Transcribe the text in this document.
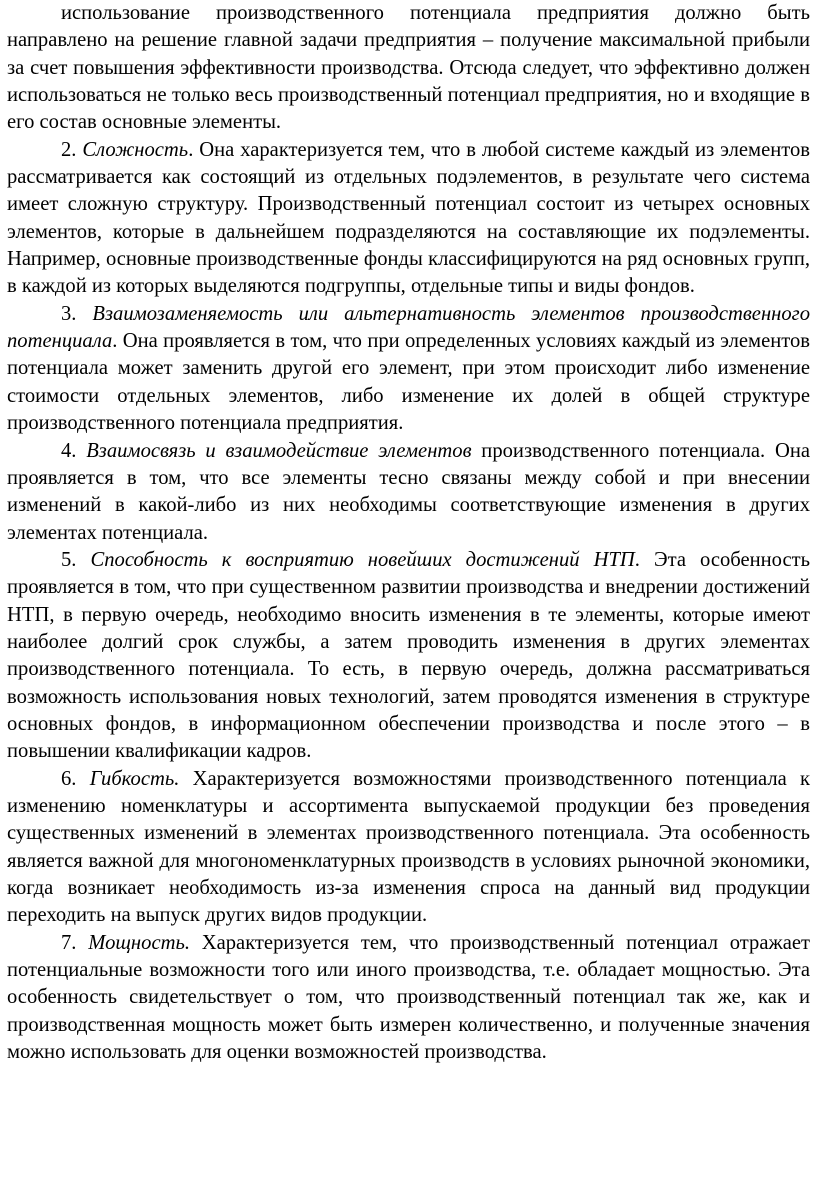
использование производственного потенциала предприятия должно быть направлено на решение главной задачи предприятия – получение максимальной прибыли за счет повышения эффективности производства. Отсюда следует, что эффективно должен использоваться не только весь производственный потенциал предприятия, но и входящие в его состав основные элементы.

2. Сложность. Она характеризуется тем, что в любой системе каждый из элементов рассматривается как состоящий из отдельных подэлементов, в результате чего система имеет сложную структуру. Производственный потенциал состоит из четырех основных элементов, которые в дальнейшем подразделяются на составляющие их подэлементы. Например, основные производственные фонды классифицируются на ряд основных групп, в каждой из которых выделяются подгруппы, отдельные типы и виды фондов.

3. Взаимозаменяемость или альтернативность элементов производственного потенциала. Она проявляется в том, что при определенных условиях каждый из элементов потенциала может заменить другой его элемент, при этом происходит либо изменение стоимости отдельных элементов, либо изменение их долей в общей структуре производственного потенциала предприятия.

4. Взаимосвязь и взаимодействие элементов производственного потенциала. Она проявляется в том, что все элементы тесно связаны между собой и при внесении изменений в какой-либо из них необходимы соответствующие изменения в других элементах потенциала.

5. Способность к восприятию новейших достижений НТП. Эта особенность проявляется в том, что при существенном развитии производства и внедрении достижений НТП, в первую очередь, необходимо вносить изменения в те элементы, которые имеют наиболее долгий срок службы, а затем проводить изменения в других элементах производственного потенциала. То есть, в первую очередь, должна рассматриваться возможность использования новых технологий, затем проводятся изменения в структуре основных фондов, в информационном обеспечении производства и после этого – в повышении квалификации кадров.

6. Гибкость. Характеризуется возможностями производственного потенциала к изменению номенклатуры и ассортимента выпускаемой продукции без проведения существенных изменений в элементах производственного потенциала. Эта особенность является важной для многономенклатурных производств в условиях рыночной экономики, когда возникает необходимость из-за изменения спроса на данный вид продукции переходить на выпуск других видов продукции.

7. Мощность. Характеризуется тем, что производственный потенциал отражает потенциальные возможности того или иного производства, т.е. обладает мощностью. Эта особенность свидетельствует о том, что производственный потенциал так же, как и производственная мощность может быть измерен количественно, и полученные значения можно использовать для оценки возможностей производства.
